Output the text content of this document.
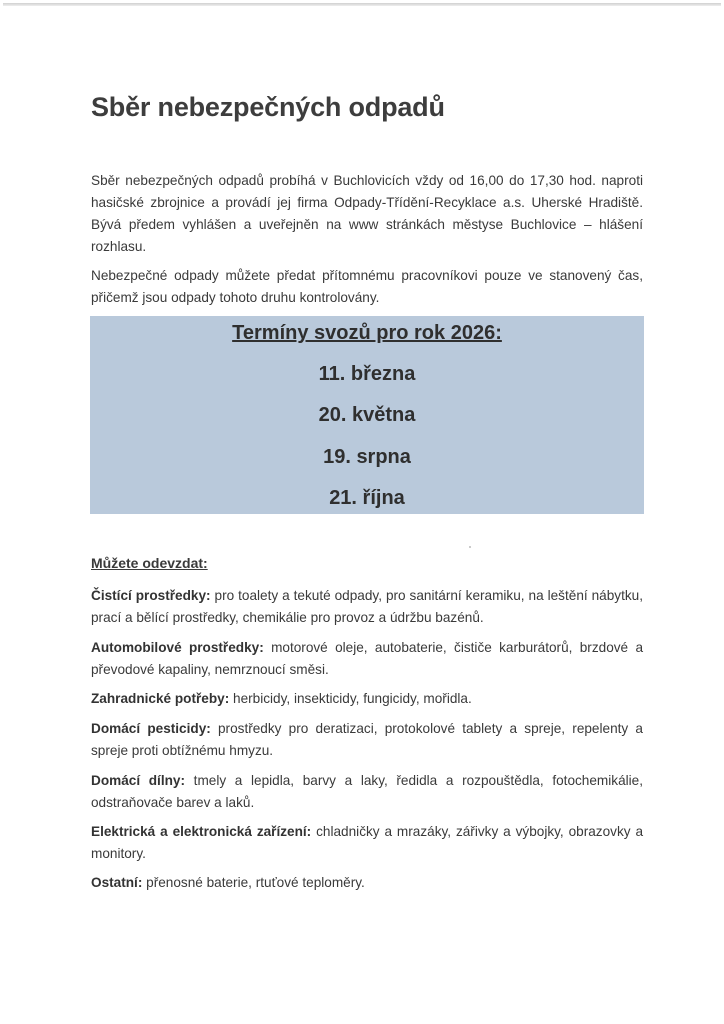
Sběr nebezpečných odpadů

Sběr nebezpečných odpadů probíhá v Buchlovicích vždy od 16,00 do 17,30 hod. naproti hasičské zbrojnice a provádí jej firma Odpady-Třídění-Recyklace a.s. Uherské Hradiště. Bývá předem vyhlášen a uveřejněn na www stránkách městyse Buchlovice – hlášení rozhlasu.

Nebezpečné odpady můžete předat přítomnému pracovníkovi pouze ve stanovený čas, přičemž jsou odpady tohoto druhu kontrolovány.

Termíny svozů pro rok 2026:
11. března
20. května
19. srpna
21. října
Můžete odevzdat:

Čistící prostředky: pro toalety a tekuté odpady, pro sanitární keramiku, na leštění nábytku, prací a bělící prostředky, chemikálie pro provoz a údržbu bazénů.

Automobilové prostředky: motorové oleje, autobaterie, čističe karburátorů, brzdové a převodové kapaliny, nemrznoucí směsi.

Zahradnické potřeby: herbicidy, insekticidy, fungicidy, mořidla.

Domácí pesticidy: prostředky pro deratizaci, protokolové tablety a spreje, repelenty a spreje proti obtížnému hmyzu.

Domácí dílny: tmely a lepidla, barvy a laky, ředidla a rozpouštědla, fotochemikálie, odstraňovače barev a laků.

Elektrická a elektronická zařízení: chladničky a mrazáky, zářivky a výbojky, obrazovky a monitory.

Ostatní: přenosné baterie, rtuťové teploměry.
